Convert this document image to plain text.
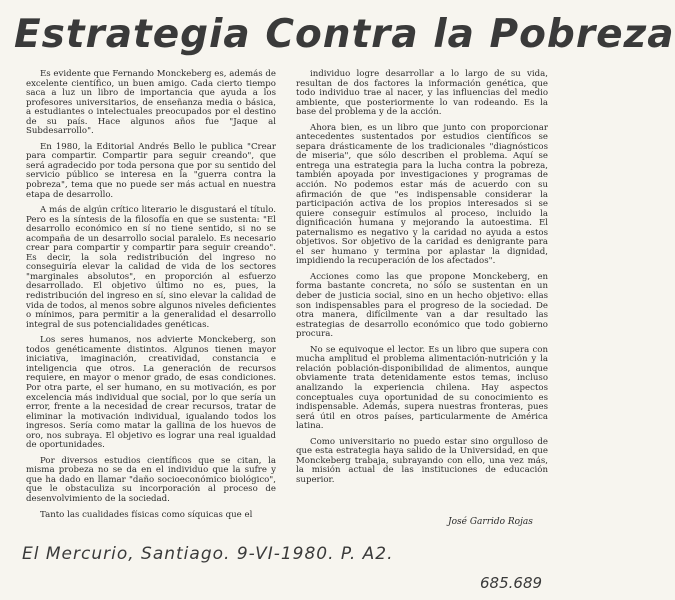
Estrategia Contra la Pobreza

Es evidente que Fernando Monckeberg es, además de excelente científico, un buen amigo. Cada cierto tiempo saca a luz un libro de importancia que ayuda a los profesores universitarios, de enseñanza media o básica, a estudiantes o intelectuales preocupados por el destino de su país. Hace algunos años fue "Jaque al Subdesarrollo".

En 1980, la Editorial Andrés Bello le publica "Crear para compartir. Compartir para seguir creando", que será agradecido por toda persona que por su sentido del servicio público se interesa en la "guerra contra la pobreza", tema que no puede ser más actual en nuestra etapa de desarrollo.

A más de algún crítico literario le disgustará el título. Pero es la síntesis de la filosofía en que se sustenta: "El desarrollo económico en sí no tiene sentido, si no se acompaña de un desarrollo social paralelo. Es necesario crear para compartir y compartir para seguir creando". Es decir, la sola redistribución del ingreso no conseguiría elevar la calidad de vida de los sectores "marginales absolutos", en proporción al esfuerzo desarrollado. El objetivo último no es, pues, la redistribución del ingreso en sí, sino elevar la calidad de vida de todos, al menos sobre algunos niveles deficientes o mínimos, para permitir a la generalidad el desarrollo integral de sus potencialidades genéticas.

Los seres humanos, nos advierte Monckeberg, son todos genéticamente distintos. Algunos tienen mayor iniciativa, imaginación, creatividad, constancia e inteligencia que otros. La generación de recursos requiere, en mayor o menor grado, de esas condiciones. Por otra parte, el ser humano, en su motivación, es por excelencia más individual que social, por lo que sería un error, frente a la necesidad de crear recursos, tratar de eliminar la motivación individual, igualando todos los ingresos. Sería como matar la gallina de los huevos de oro, nos subraya. El objetivo es lograr una real igualdad de oportunidades.

Por diversos estudios científicos que se citan, la misma probeza no se da en el individuo que la sufre y que ha dado en llamar "daño socioeconómico biológico", que le obstaculiza su incorporación al proceso de desenvolvimiento de la sociedad.

Tanto las cualidades físicas como síquicas que el

individuo logre desarrollar a lo largo de su vida, resultan de dos factores la información genética, que todo individuo trae al nacer, y las influencias del medio ambiente, que posteriormente lo van rodeando. Es la base del problema y de la acción.

Ahora bien, es un libro que junto con proporcionar antecedentes sustentados por estudios científicos se separa drásticamente de los tradicionales "diagnósticos de miseria", que sólo describen el problema. Aquí se entrega una estrategia para la lucha contra la pobreza, también apoyada por investigaciones y programas de acción. No podemos estar más de acuerdo con su afirmación de que "es indispensable considerar la participación activa de los propios interesados si se quiere conseguir estímulos al proceso, incluido la dignificación humana y mejorando la autoestima. El paternalismo es negativo y la caridad no ayuda a estos objetivos. Sor objetivo de la caridad es denigrante para el ser humano y termina por aplastar la dignidad, impidiendo la recuperación de los afectados".

Acciones como las que propone Monckeberg, en forma bastante concreta, no sólo se sustentan en un deber de justicia social, sino en un hecho objetivo: ellas son indispensables para el progreso de la sociedad. De otra manera, difícilmente van a dar resultado las estrategias de desarrollo económico que todo gobierno procura.

No se equivoque el lector. Es un libro que supera con mucha amplitud el problema alimentación-nutrición y la relación población-disponibilidad de alimentos, aunque obviamente trata detenidamente estos temas, incluso analizando la experiencia chilena. Hay aspectos conceptuales cuya oportunidad de su conocimiento es indispensable. Además, supera nuestras fronteras, pues será útil en otros países, particularmente de América latina.

Como universitario no puedo estar sino orgulloso de que esta estrategia haya salido de la Universidad, en que Monckeberg trabaja, subrayando con ello, una vez más, la misión actual de las instituciones de educación superior.

José Garrido Rojas
El Mercurio, Santiago. 9-VI-1980. P. A2.
685.689
